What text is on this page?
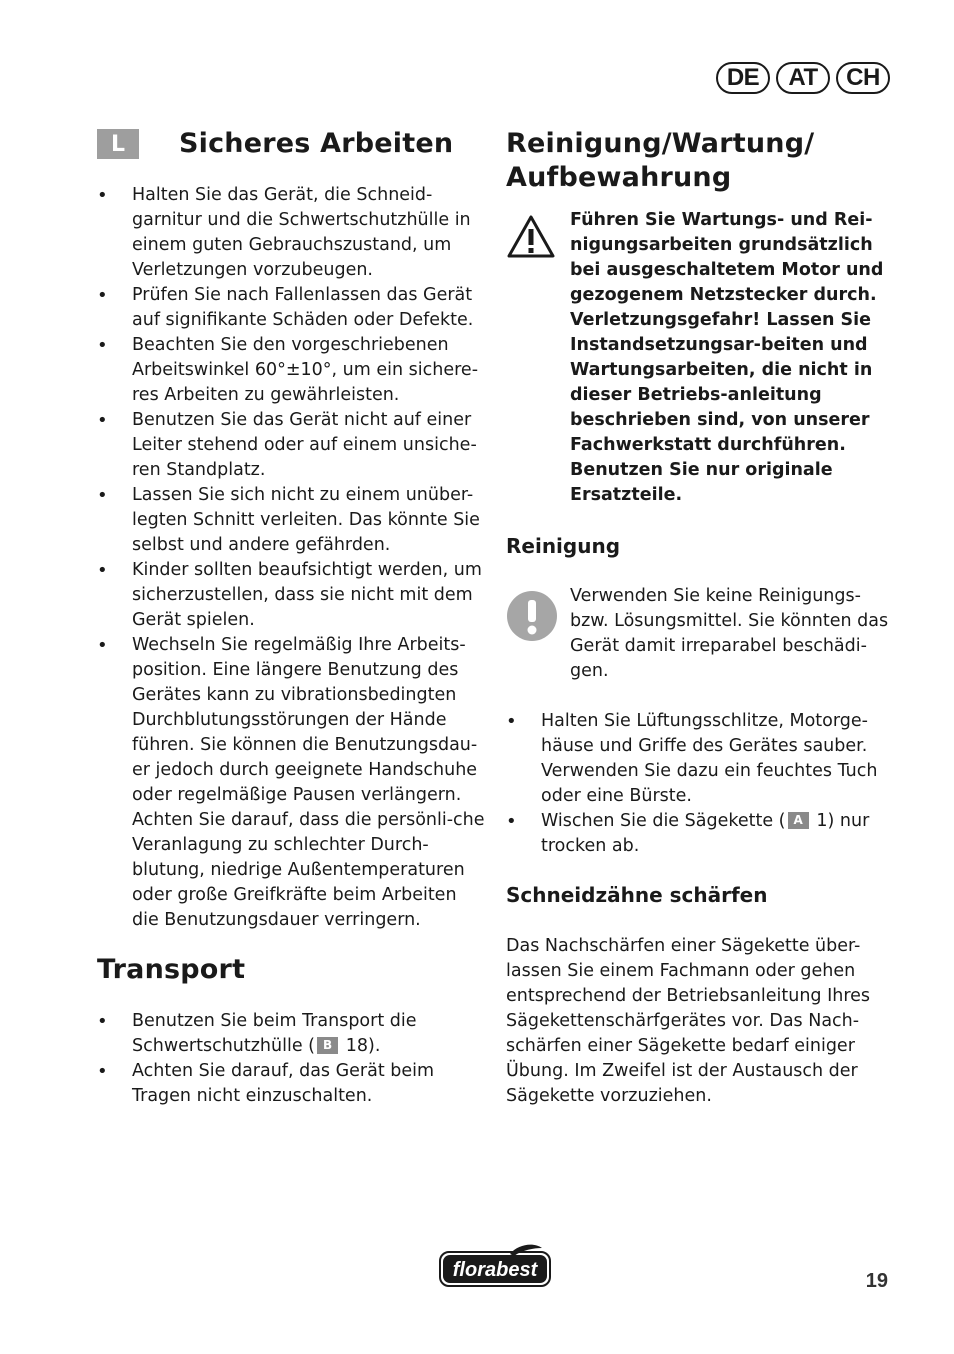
DE	AT	CH
L	Sicheres Arbeiten
• Halten Sie das Gerät, die Schneid-garnitur und die Schwertschutzhülle in einem guten Gebrauchszustand, um Verletzungen vorzubeugen.
• Prüfen Sie nach Fallenlassen das Gerät auf signifikante Schäden oder Defekte.
• Beachten Sie den vorgeschriebenen Arbeitswinkel 60°±10°, um ein sichere-res Arbeiten zu gewährleisten.
• Benutzen Sie das Gerät nicht auf einer Leiter stehend oder auf einem unsiche-ren Standplatz.
• Lassen Sie sich nicht zu einem unüber-legten Schnitt verleiten. Das könnte Sie selbst und andere gefährden.
• Kinder sollten beaufsichtigt werden, um sicherzustellen, dass sie nicht mit dem Gerät spielen.
• Wechseln Sie regelmäßig Ihre Arbeits-position. Eine längere Benutzung des Gerätes kann zu vibrationsbedingten Durchblutungsstörungen der Hände führen. Sie können die Benutzungsdau-er jedoch durch geeignete Handschuhe oder regelmäßige Pausen verlängern. Achten Sie darauf, dass die persönli-che Veranlagung zu schlechter Durch-blutung, niedrige Außentemperaturen oder große Greifkräfte beim Arbeiten die Benutzungsdauer verringern.
Transport
• Benutzen Sie beim Transport die Schwertschutzhülle ( B 18).
• Achten Sie darauf, das Gerät beim Tragen nicht einzuschalten.
Reinigung/Wartung/ Aufbewahrung
Führen Sie Wartungs- und Rei-nigungsarbeiten grundsätzlich bei ausgeschaltetem Motor und gezogenem Netzstecker durch. Verletzungsgefahr! Lassen Sie Instandsetzungsar-beiten und Wartungsarbeiten, die nicht in dieser Betriebs-anleitung beschrieben sind, von unserer Fachwerkstatt durchführen. Benutzen Sie nur originale Ersatzteile.
Reinigung
Verwenden Sie keine Reinigungs-bzw. Lösungsmittel. Sie könnten das Gerät damit irreparabel beschädi-gen.
• Halten Sie Lüftungsschlitze, Motorge-häuse und Griffe des Gerätes sauber. Verwenden Sie dazu ein feuchtes Tuch oder eine Bürste.
• Wischen Sie die Sägekette ( A 1) nur trocken ab.
Schneidzähne schärfen

Das Nachschärfen einer Sägekette über-lassen Sie einem Fachmann oder gehen entsprechend der Betriebsanleitung Ihres Sägekettenschärfgerätes vor. Das Nach-schärfen einer Sägekette bedarf einiger Übung. Im Zweifel ist der Austausch der Sägekette vorzuziehen.

florabest	19
